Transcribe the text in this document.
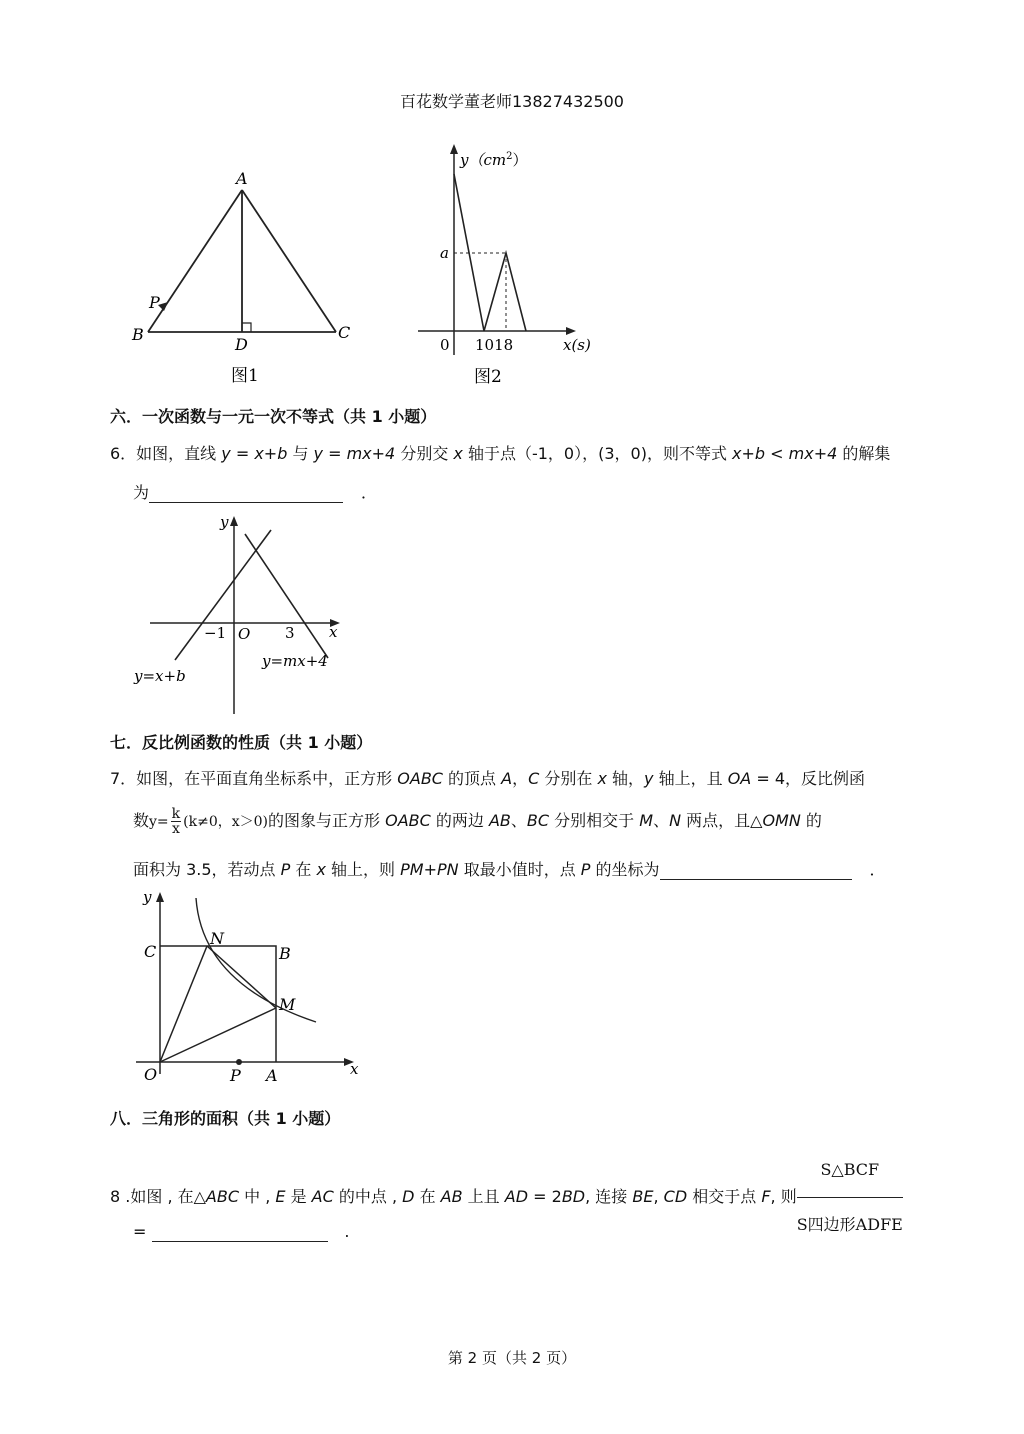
百花数学董老师13827432500
A
B	C
D
P
图1
$y(cm^2)$
a
0 1018	x(s)
图2
六．一次函数与一元一次不等式（共 1 小题）
6．如图，直线 y = x+b 与 y = mx+4 分别交 x 轴于点（-1，0），(3，0)，则不等式 x+b < mx+4 的解集
为	．
y
x
−1 O 3
y=x+b
y=mx+4
七．反比例函数的性质（共 1 小题）
7．如图，在平面直角坐标系中，正方形 OABC 的顶点 A，C 分别在 x 轴，y 轴上，且 OA = 4，反比例函
数$y= \frac{k}{x} (k\ne 0$，x＞0)的图象与正方形 OABC 的两边 AB、BC 分别相交于 M、N 两点，且△OMN 的
面积为 3.5，若动点 P 在 x 轴上，则 PM+PN 取最小值时，点 P 的坐标为	．
y
x
C
N
B
M
O	P A
八．三角形的面积（共 1 小题）
8 .如图 , 在△ABC 中 , E 是 AC 的中点 , D 在 AB 上且 AD = 2BD, 连接 BE, CD 相交于点 F, 则 $\frac{\text{S△BCF}}{\text{S四边形ADFE}}$
=	.
第 2 页（共 2 页）
